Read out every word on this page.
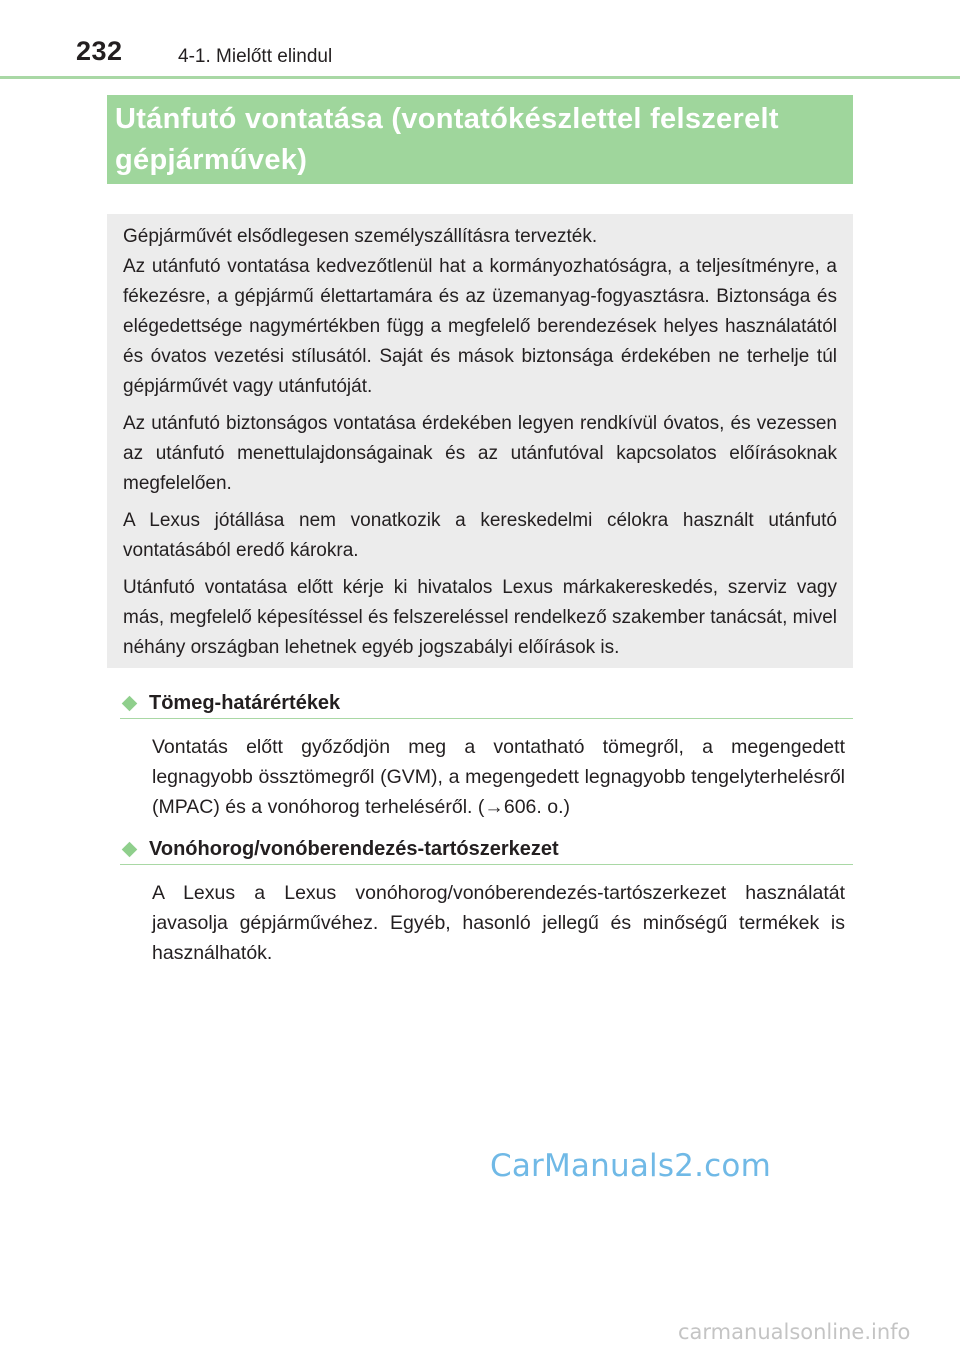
232	4-1. Mielőtt elindul

Utánfutó vontatása (vontatókészlettel felszerelt

gépjárművek)

Gépjárművét elsődlegesen személyszállításra tervezték.
Az utánfutó vontatása kedvezőtlenül hat a kormányozhatóságra, a teljesítményre, a fékezésre, a gépjármű élettartamára és az üzemanyag-fogyasztásra. Biztonsága és elégedettsége nagymértékben függ a megfelelő berendezések helyes használatától és óvatos vezetési stílusától. Saját és mások biztonsága érdekében ne terhelje túl gépjárművét vagy utánfutóját.

Az utánfutó biztonságos vontatása érdekében legyen rendkívül óvatos, és vezessen az utánfutó menettulajdonságainak és az utánfutóval kapcsolatos előírásoknak megfelelően.

A Lexus jótállása nem vonatkozik a kereskedelmi célokra használt utánfutó vontatásából eredő károkra.

Utánfutó vontatása előtt kérje ki hivatalos Lexus márkakereskedés, szerviz vagy más, megfelelő képesítéssel és felszereléssel rendelkező szakember tanácsát, mivel néhány országban lehetnek egyéb jogszabályi előírások is.

Tömeg-határértékek

Vontatás előtt győződjön meg a vontatható tömegről, a megengedett legnagyobb össztömegről (GVM), a megengedett legnagyobb tengelyterhelésről (MPAC) és a vonóhorog terheléséről. (→606. o.)

Vonóhorog/vonóberendezés-tartószerkezet

A Lexus a Lexus vonóhorog/vonóberendezés-tartószerkezet használatát javasolja gépjárművéhez. Egyéb, hasonló jellegű és minőségű termékek is használhatók.

CarManuals2.com
carmanualsonline.info
